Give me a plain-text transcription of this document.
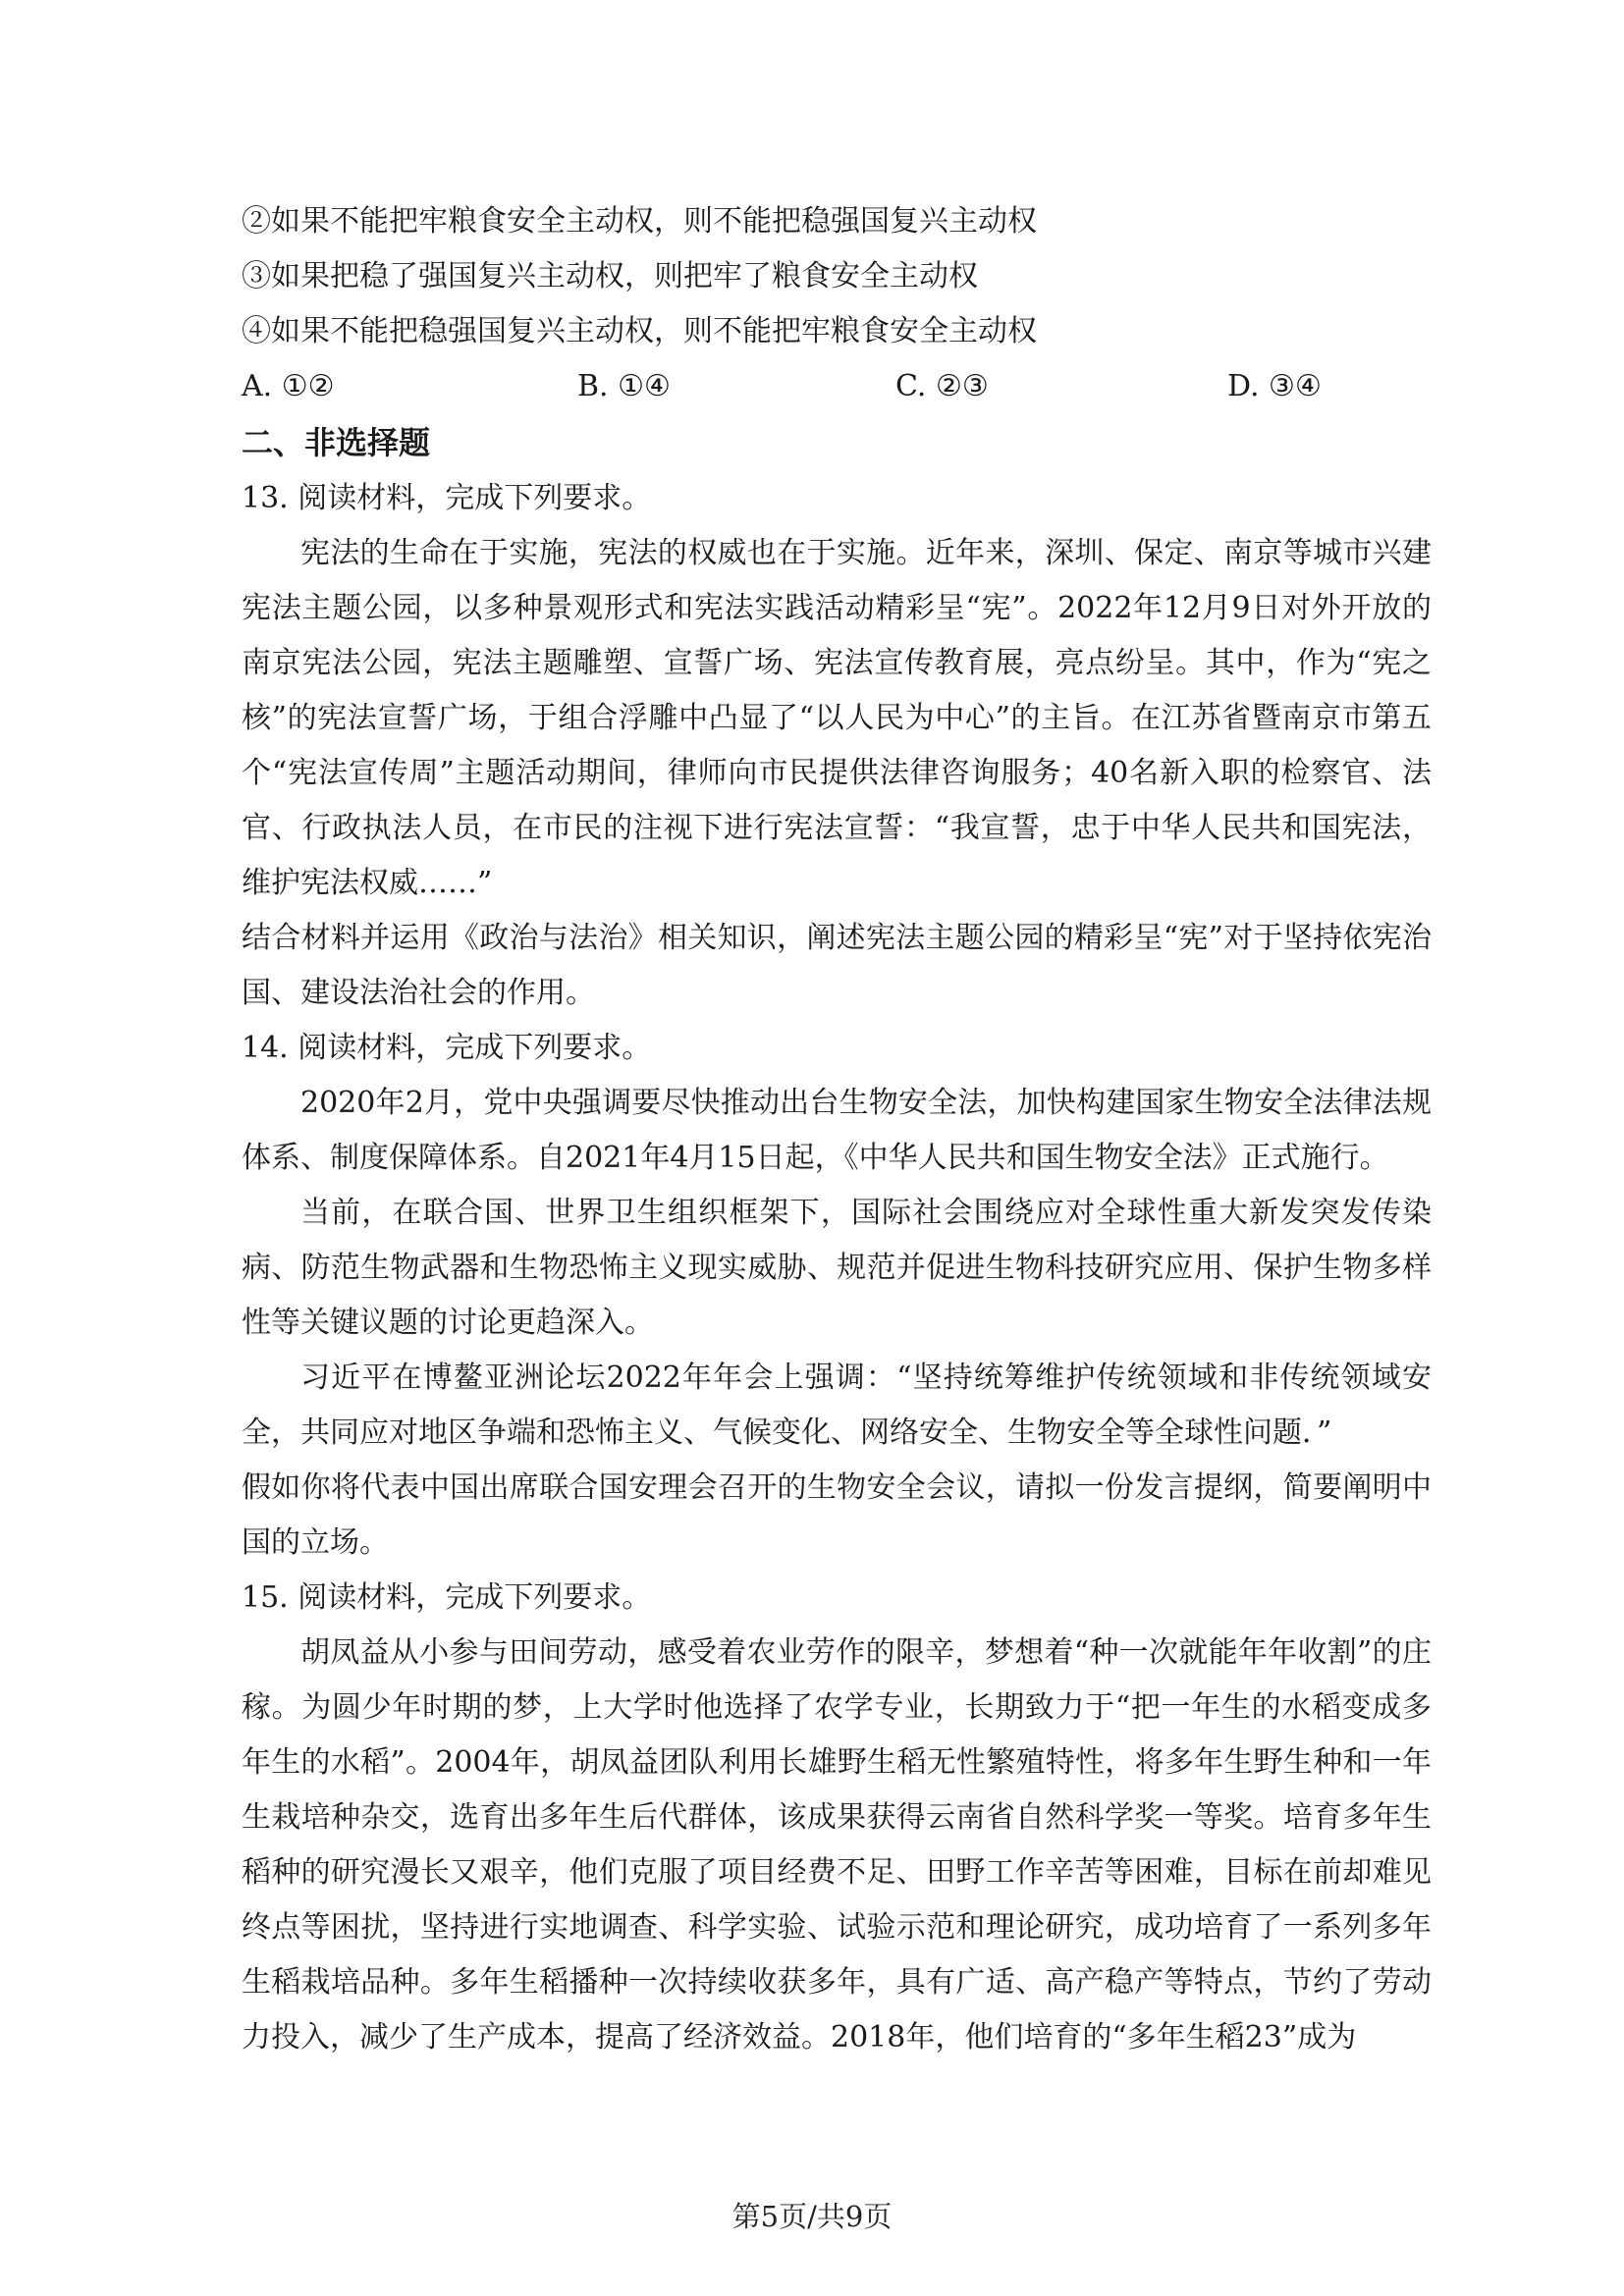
②如果不能把牢粮食安全主动权，则不能把稳强国复兴主动权
③如果把稳了强国复兴主动权，则把牢了粮食安全主动权
④如果不能把稳强国复兴主动权，则不能把牢粮食安全主动权
A. ①②	B. ①④	C. ②③	D. ③④
二、非选择题
13. 阅读材料，完成下列要求。
宪法的生命在于实施，宪法的权威也在于实施。近年来，深圳、保定、南京等城市兴建宪法主题公园，以多种景观形式和宪法实践活动精彩呈“宪”。2022年12月9日对外开放的南京宪法公园，宪法主题雕塑、宣誓广场、宪法宣传教育展，亮点纷呈。其中，作为“宪之核”的宪法宣誓广场，于组合浮雕中凸显了“以人民为中心”的主旨。在江苏省暨南京市第五个“宪法宣传周”主题活动期间，律师向市民提供法律咨询服务；40名新入职的检察官、法官、行政执法人员，在市民的注视下进行宪法宣誓：“我宣誓，忠于中华人民共和国宪法，维护宪法权威……”
结合材料并运用《政治与法治》相关知识，阐述宪法主题公园的精彩呈“宪”对于坚持依宪治国、建设法治社会的作用。
14. 阅读材料，完成下列要求。
2020年2月，党中央强调要尽快推动出台生物安全法，加快构建国家生物安全法律法规体系、制度保障体系。自2021年4月15日起，《中华人民共和国生物安全法》正式施行。
当前，在联合国、世界卫生组织框架下，国际社会围绕应对全球性重大新发突发传染病、防范生物武器和生物恐怖主义现实威胁、规范并促进生物科技研究应用、保护生物多样性等关键议题的讨论更趋深入。
习近平在博鳌亚洲论坛2022年年会上强调：“坚持统筹维护传统领域和非传统领域安全，共同应对地区争端和恐怖主义、气候变化、网络安全、生物安全等全球性问题．”
假如你将代表中国出席联合国安理会召开的生物安全会议，请拟一份发言提纲，简要阐明中国的立场。
15. 阅读材料，完成下列要求。
胡凤益从小参与田间劳动，感受着农业劳作的限辛，梦想着“种一次就能年年收割”的庄稼。为圆少年时期的梦，上大学时他选择了农学专业，长期致力于“把一年生的水稻变成多年生的水稻”。2004年，胡凤益团队利用长雄野生稻无性繁殖特性，将多年生野生种和一年生栽培种杂交，选育出多年生后代群体，该成果获得云南省自然科学奖一等奖。培育多年生稻种的研究漫长又艰辛，他们克服了项目经费不足、田野工作辛苦等困难，目标在前却难见终点等困扰，坚持进行实地调查、科学实验、试验示范和理论研究，成功培育了一系列多年生稻栽培品种。多年生稻播种一次持续收获多年，具有广适、高产稳产等特点，节约了劳动力投入，减少了生产成本，提高了经济效益。2018年，他们培育的“多年生稻23”成为
第5页/共9页
